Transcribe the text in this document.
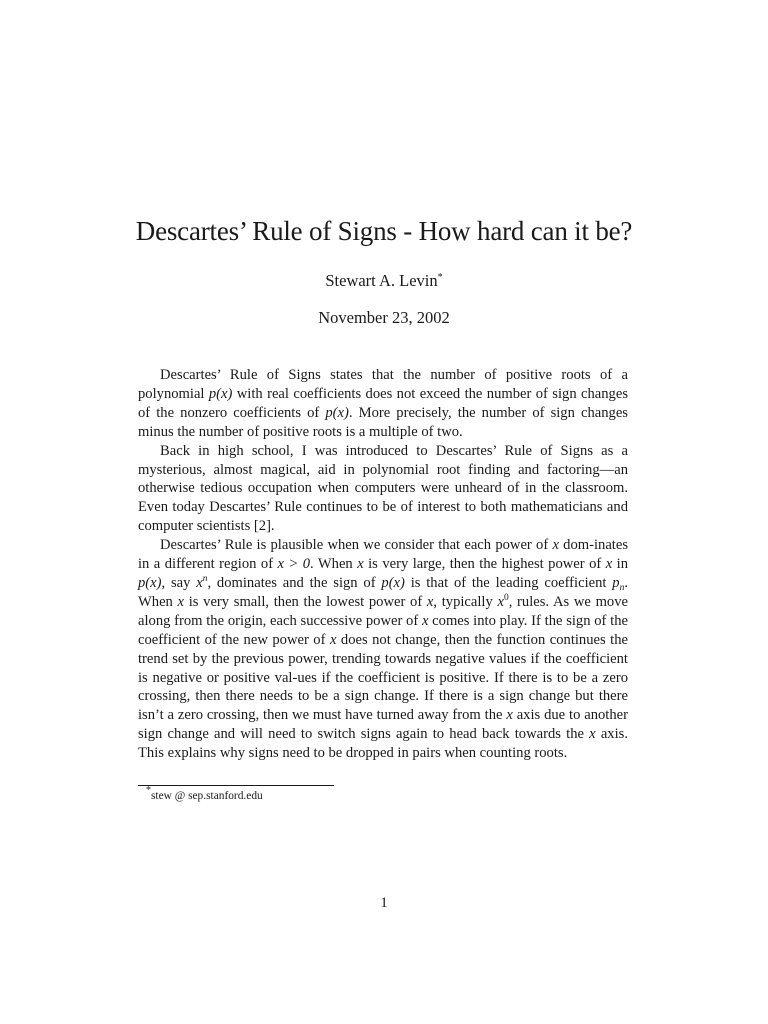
Descartes’ Rule of Signs - How hard can it be?
Stewart A. Levin*
November 23, 2002

Descartes’ Rule of Signs states that the number of positive roots of a polynomial p(x) with real coefficients does not exceed the number of sign changes of the nonzero coefficients of p(x). More precisely, the number of sign changes minus the number of positive roots is a multiple of two.

Back in high school, I was introduced to Descartes’ Rule of Signs as a mysterious, almost magical, aid in polynomial root finding and factoring—an otherwise tedious occupation when computers were unheard of in the classroom. Even today Descartes’ Rule continues to be of interest to both mathematicians and computer scientists [2].

Descartes’ Rule is plausible when we consider that each power of x dom-inates in a different region of x > 0. When x is very large, then the highest power of x in p(x), say $x^n$, dominates and the sign of p(x) is that of the leading coefficient $p_n$. When x is very small, then the lowest power of x, typically $x^0$, rules. As we move along from the origin, each successive power of x comes into play. If the sign of the coefficient of the new power of x does not change, then the function continues the trend set by the previous power, trending towards negative values if the coefficient is negative or positive val-ues if the coefficient is positive. If there is to be a zero crossing, then there needs to be a sign change. If there is a sign change but there isn’t a zero crossing, then we must have turned away from the x axis due to another sign change and will need to switch signs again to head back towards the x axis. This explains why signs need to be dropped in pairs when counting roots.

*stew @ sep.stanford.edu
1
